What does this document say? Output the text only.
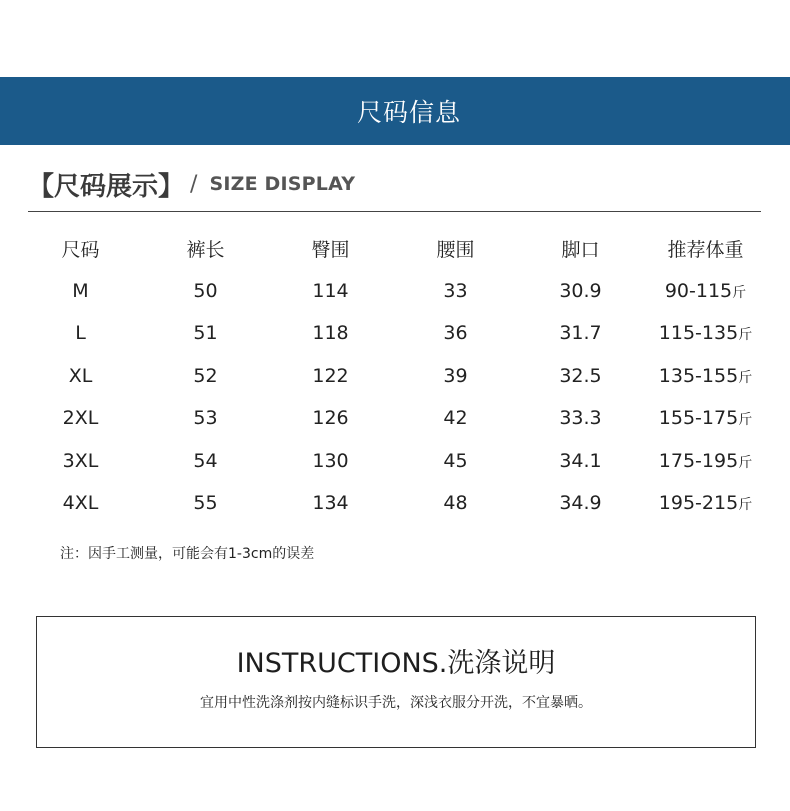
尺码信息
【尺码展示】 / SIZE DISPLAY
尺码	裤长	臀围	腰围	脚口	推荐体重
M	50	114	33	30.9	90-115斤
L	51	118	36	31.7	115-135斤
XL	52	122	39	32.5	135-155斤
2XL	53	126	42	33.3	155-175斤
3XL	54	130	45	34.1	175-195斤
4XL	55	134	48	34.9	195-215斤
注：因手工测量，可能会有1-3cm的误差
INSTRUCTIONS.洗涤说明
宜用中性洗涤剂按内缝标识手洗，深浅衣服分开洗，不宜暴晒。
